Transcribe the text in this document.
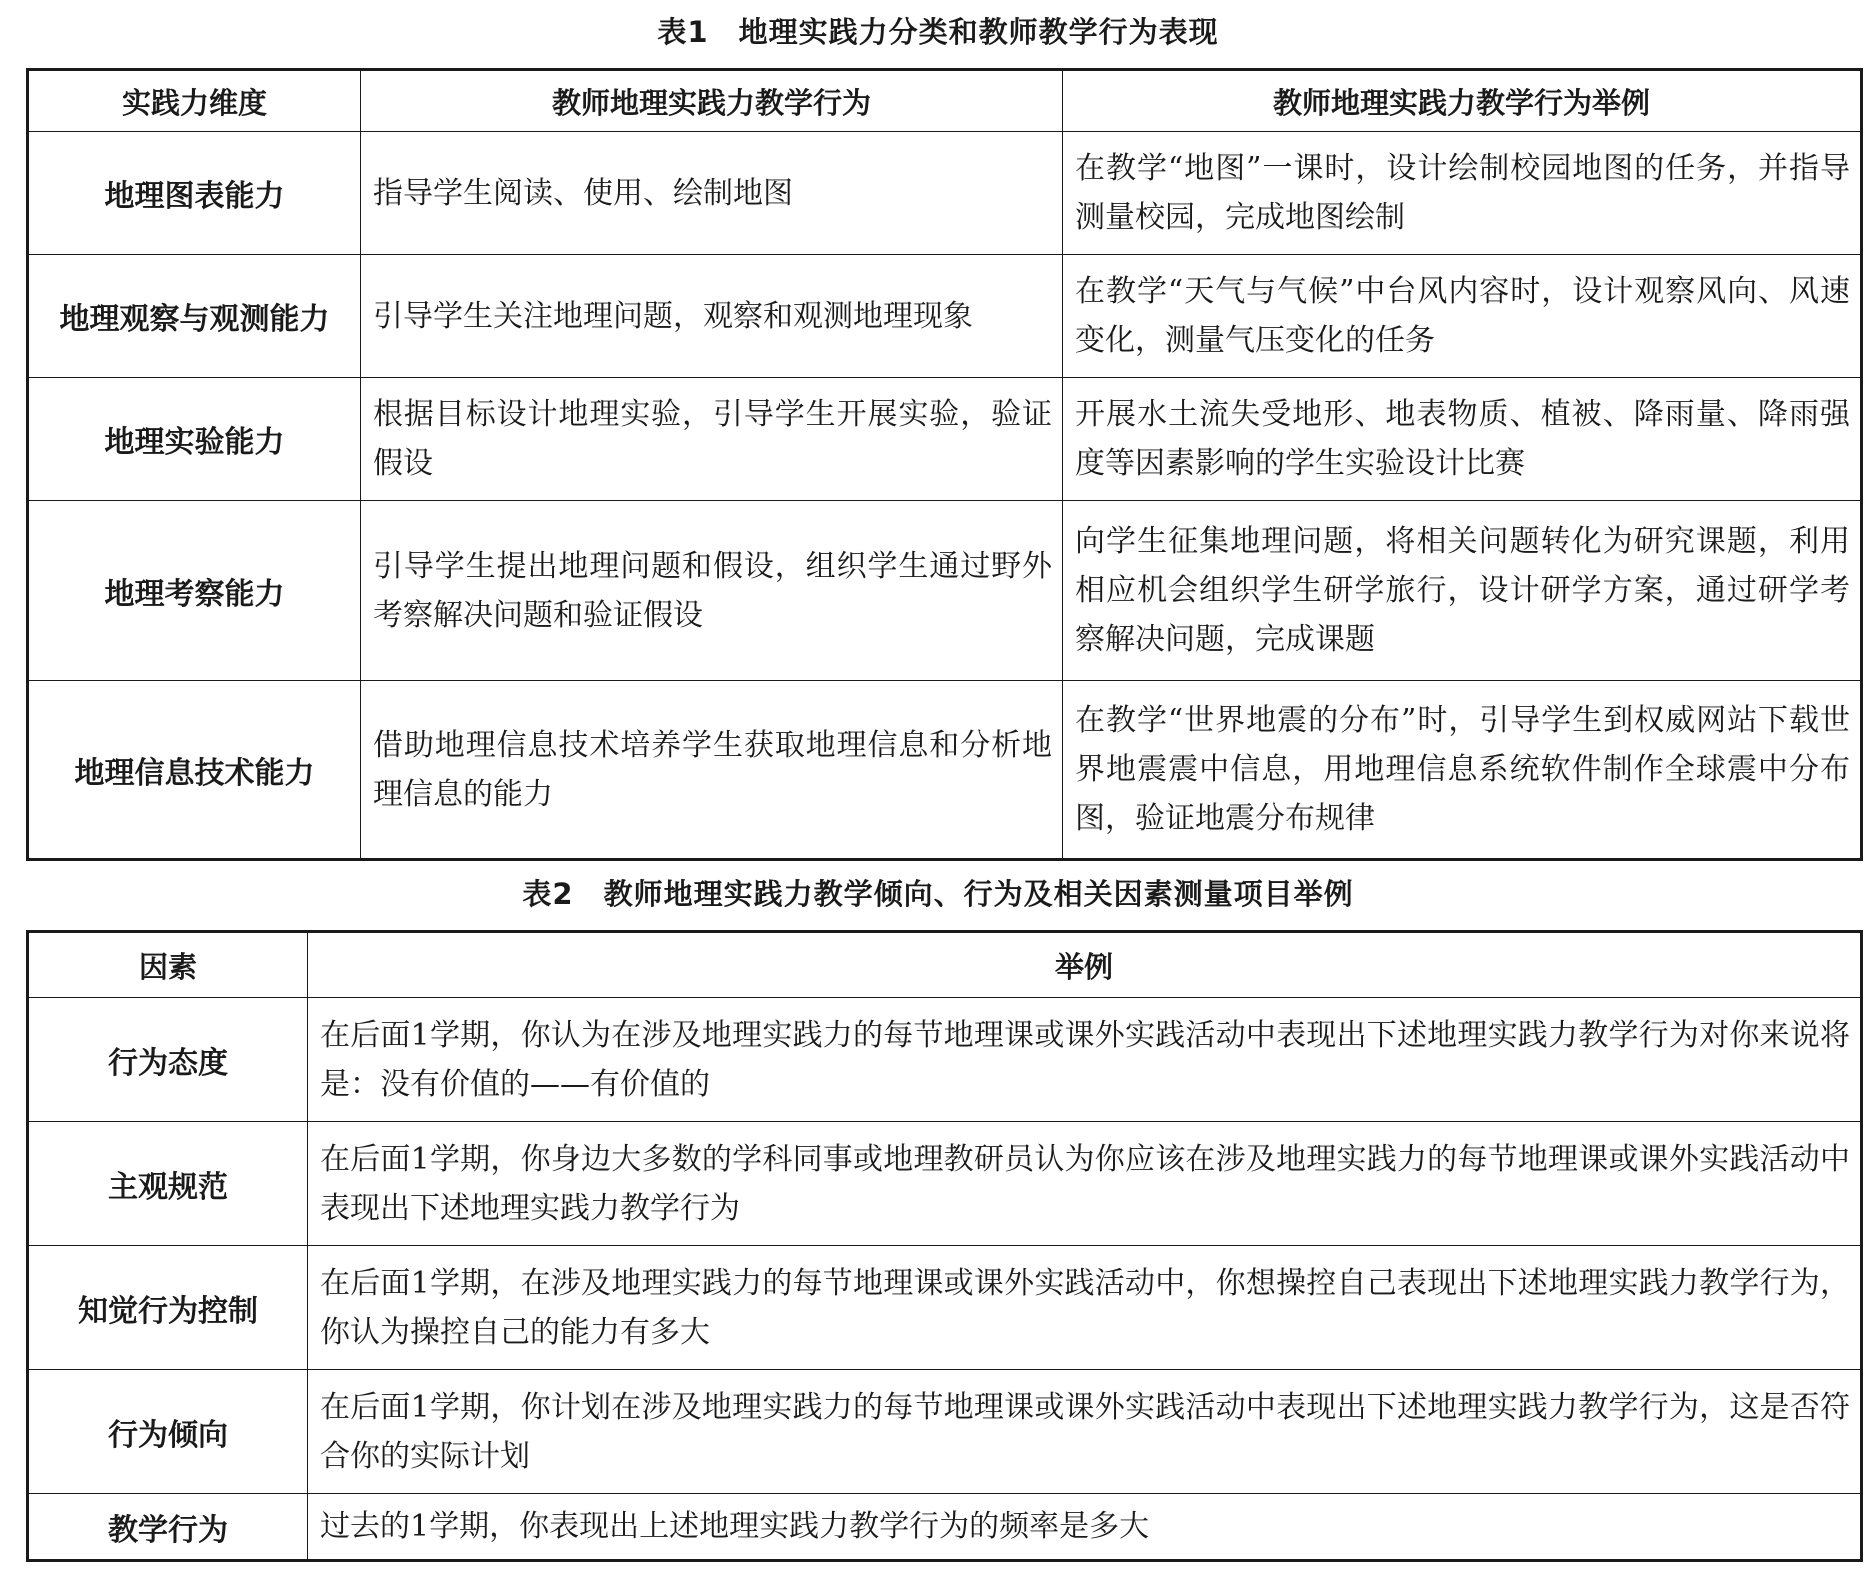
表1　地理实践力分类和教师教学行为表现
实践力维度	教师地理实践力教学行为	教师地理实践力教学行为举例
地理图表能力	指导学生阅读、使用、绘制地图	在教学“地图”一课时，设计绘制校园地图的任务，并指导测量校园，完成地图绘制
地理观察与观测能力	引导学生关注地理问题，观察和观测地理现象	在教学“天气与气候”中台风内容时，设计观察风向、风速变化，测量气压变化的任务
地理实验能力	根据目标设计地理实验，引导学生开展实验，验证假设	开展水土流失受地形、地表物质、植被、降雨量、降雨强度等因素影响的学生实验设计比赛
地理考察能力	引导学生提出地理问题和假设，组织学生通过野外考察解决问题和验证假设	向学生征集地理问题，将相关问题转化为研究课题，利用相应机会组织学生研学旅行，设计研学方案，通过研学考察解决问题，完成课题
地理信息技术能力	借助地理信息技术培养学生获取地理信息和分析地理信息的能力	在教学“世界地震的分布”时，引导学生到权威网站下载世界地震震中信息，用地理信息系统软件制作全球震中分布图，验证地震分布规律
表2　教师地理实践力教学倾向、行为及相关因素测量项目举例
因素	举例
行为态度	在后面1学期，你认为在涉及地理实践力的每节地理课或课外实践活动中表现出下述地理实践力教学行为对你来说将是：没有价值的——有价值的
主观规范	在后面1学期，你身边大多数的学科同事或地理教研员认为你应该在涉及地理实践力的每节地理课或课外实践活动中表现出下述地理实践力教学行为
知觉行为控制	在后面1学期，在涉及地理实践力的每节地理课或课外实践活动中，你想操控自己表现出下述地理实践力教学行为，你认为操控自己的能力有多大
行为倾向	在后面1学期，你计划在涉及地理实践力的每节地理课或课外实践活动中表现出下述地理实践力教学行为，这是否符合你的实际计划
教学行为	过去的1学期，你表现出上述地理实践力教学行为的频率是多大
